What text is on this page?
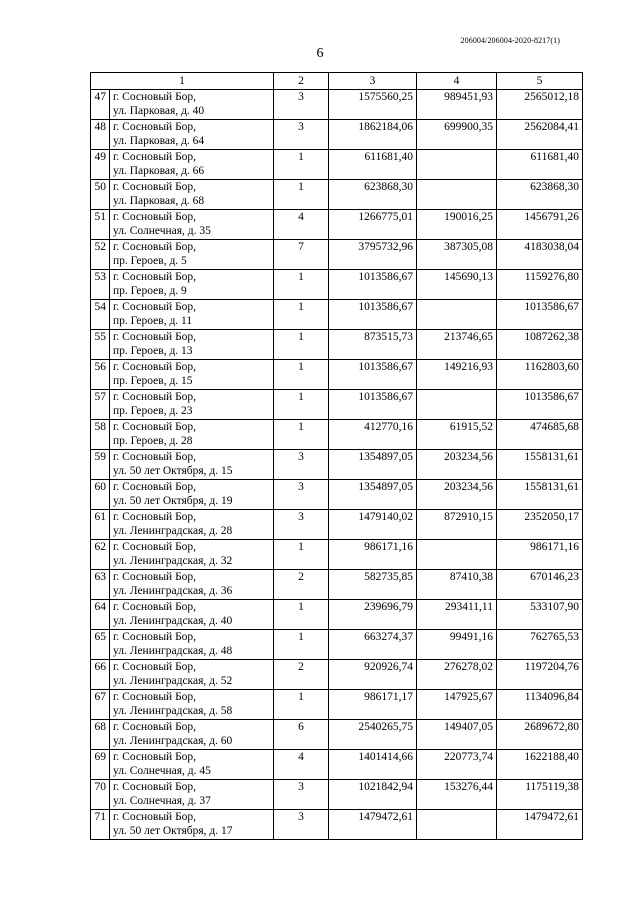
206004/206004-2020-8217(1)
6
1		2	3	4	5
47	г. Сосновый Бор,
ул. Парковая, д. 40	3	1575560,25	989451,93	2565012,18
48	г. Сосновый Бор,
ул. Парковая, д. 64	3	1862184,06	699900,35	2562084,41
49	г. Сосновый Бор,
ул. Парковая, д. 66	1	611681,40		611681,40
50	г. Сосновый Бор,
ул. Парковая, д. 68	1	623868,30		623868,30
51	г. Сосновый Бор,
ул. Солнечная, д. 35	4	1266775,01	190016,25	1456791,26
52	г. Сосновый Бор,
пр. Героев, д. 5	7	3795732,96	387305,08	4183038,04
53	г. Сосновый Бор,
пр. Героев, д. 9	1	1013586,67	145690,13	1159276,80
54	г. Сосновый Бор,
пр. Героев, д. 11	1	1013586,67		1013586,67
55	г. Сосновый Бор,
пр. Героев, д. 13	1	873515,73	213746,65	1087262,38
56	г. Сосновый Бор,
пр. Героев, д. 15	1	1013586,67	149216,93	1162803,60
57	г. Сосновый Бор,
пр. Героев, д. 23	1	1013586,67		1013586,67
58	г. Сосновый Бор,
пр. Героев, д. 28	1	412770,16	61915,52	474685,68
59	г. Сосновый Бор,
ул. 50 лет Октября, д. 15	3	1354897,05	203234,56	1558131,61
60	г. Сосновый Бор,
ул. 50 лет Октября, д. 19	3	1354897,05	203234,56	1558131,61
61	г. Сосновый Бор,
ул. Ленинградская, д. 28	3	1479140,02	872910,15	2352050,17
62	г. Сосновый Бор,
ул. Ленинградская, д. 32	1	986171,16		986171,16
63	г. Сосновый Бор,
ул. Ленинградская, д. 36	2	582735,85	87410,38	670146,23
64	г. Сосновый Бор,
ул. Ленинградская, д. 40	1	239696,79	293411,11	533107,90
65	г. Сосновый Бор,
ул. Ленинградская, д. 48	1	663274,37	99491,16	762765,53
66	г. Сосновый Бор,
ул. Ленинградская, д. 52	2	920926,74	276278,02	1197204,76
67	г. Сосновый Бор,
ул. Ленинградская, д. 58	1	986171,17	147925,67	1134096,84
68	г. Сосновый Бор,
ул. Ленинградская, д. 60	6	2540265,75	149407,05	2689672,80
69	г. Сосновый Бор,
ул. Солнечная, д. 45	4	1401414,66	220773,74	1622188,40
70	г. Сосновый Бор,
ул. Солнечная, д. 37	3	1021842,94	153276,44	1175119,38
71	г. Сосновый Бор,
ул. 50 лет Октября, д. 17	3	1479472,61		1479472,61
